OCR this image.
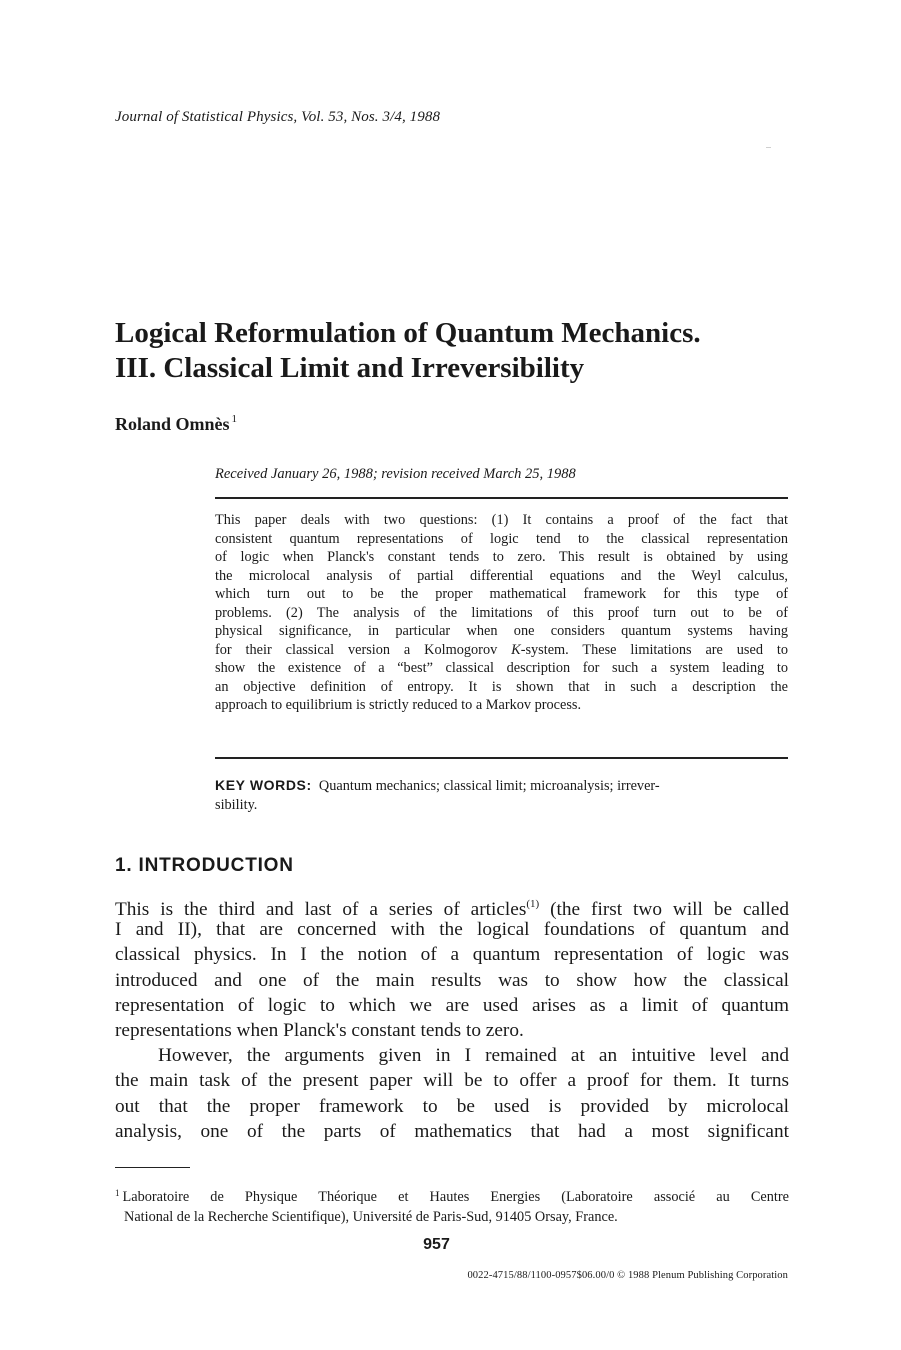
Journal of Statistical Physics, Vol. 53, Nos. 3/4, 1988
Logical Reformulation of Quantum Mechanics.
III. Classical Limit and Irreversibility
Roland Omnès $^1$
Received January 26, 1988; revision received March 25, 1988
This paper deals with two questions: (1) It contains a proof of the fact that
consistent quantum representations of logic tend to the classical representation
of logic when Planck's constant tends to zero. This result is obtained by using
the microlocal analysis of partial differential equations and the Weyl calculus,
which turn out to be the proper mathematical framework for this type of
problems. (2) The analysis of the limitations of this proof turn out to be of
physical significance, in particular when one considers quantum systems having
for their classical version a Kolmogorov K-system. These limitations are used to
show the existence of a “best” classical description for such a system leading to
an objective definition of entropy. It is shown that in such a description the
approach to equilibrium is strictly reduced to a Markov process.
KEY WORDS: Quantum mechanics; classical limit; microanalysis; irrever-
sibility.
1. INTRODUCTION
This is the third and last of a series of articles$^{(1)}$ (the first two will be called
I and II), that are concerned with the logical foundations of quantum and
classical physics. In I the notion of a quantum representation of logic was
introduced and one of the main results was to show how the classical
representation of logic to which we are used arises as a limit of quantum
representations when Planck's constant tends to zero.
However, the arguments given in I remained at an intuitive level and
the main task of the present paper will be to offer a proof for them. It turns
out that the proper framework to be used is provided by microlocal
analysis, one of the parts of mathematics that had a most significant
$^1$ Laboratoire de Physique Théorique et Hautes Energies (Laboratoire associé au Centre
National de la Recherche Scientifique), Université de Paris-Sud, 91405 Orsay, France.
957
0022-4715/88/1100-0957$06.00/0 © 1988 Plenum Publishing Corporation
